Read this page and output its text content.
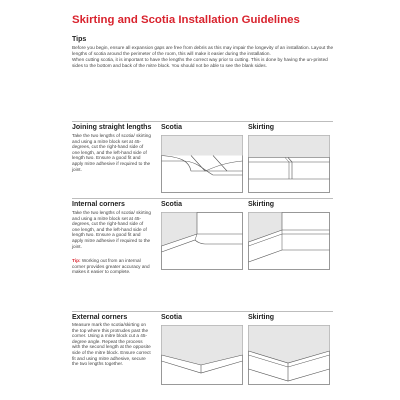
Skirting and Scotia Installation Guidelines
Tips

Before you begin, ensure all expansion gaps are free from debris as this may impair the longevity of an installation. Layout the lengths of scotia around the perimeter of the room, this will make it easier during the installation.

When cutting scotia, it is important to have the lengths the correct way prior to cutting. This is done by having the un-printed sides to the bottom and back of the mitre block. You should not be able to see the blank sides.

Joining straight lengths Scotia	Skirting
Take the two lengths of scotia/ skirting and using a mitre block set at 45-degrees, cut the right-hand side of one length, and the left-hand side of length two. Ensure a good fit and apply mitre adhesive if required to the joint.
Internal corners	Scotia	Skirting
Take the two lengths of scotia/ skirting and using a mitre block set at 45-degrees, cut the right-hand side of one length, and the left-hand side of length two. Ensure a good fit and apply mitre adhesive if required to the joint.
Tip: Working out from an internal corner provides greater accuracy and makes it easier to complete.
External corners	Scotia	Skirting
Measure mark the scotia/skirting on the top where this protrudes past the corner. Using a mitre block cut a 45-degree angle. Repeat the process with the second length at the opposite side of the mitre block. Ensure correct fit and using mitre adhesive, secure the two lengths together.
